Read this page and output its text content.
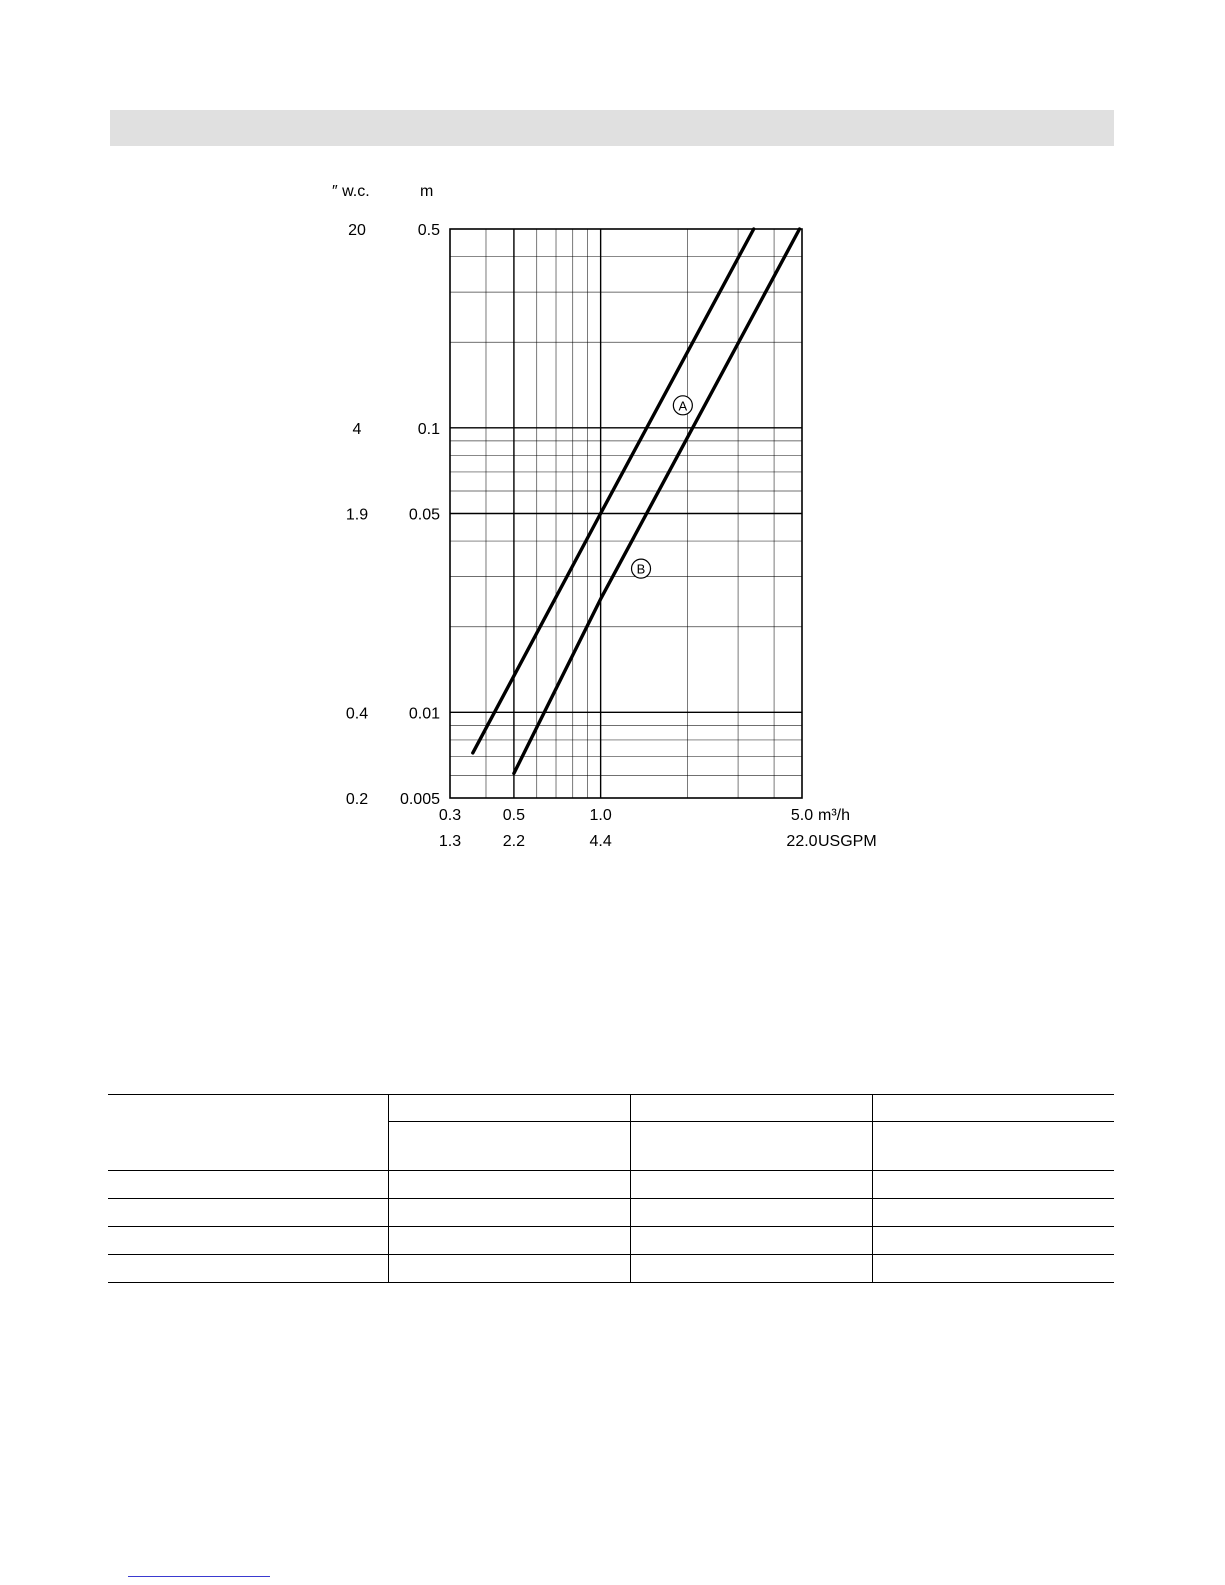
″ w.c.	m
m³/h
USGPM
0.5
20
0.1
4
0.05
1.9
0.01
0.4
0.005
0.2
0.3
1.3
0.5
2.2
1.0
4.4
5.0
22.0
A
B
